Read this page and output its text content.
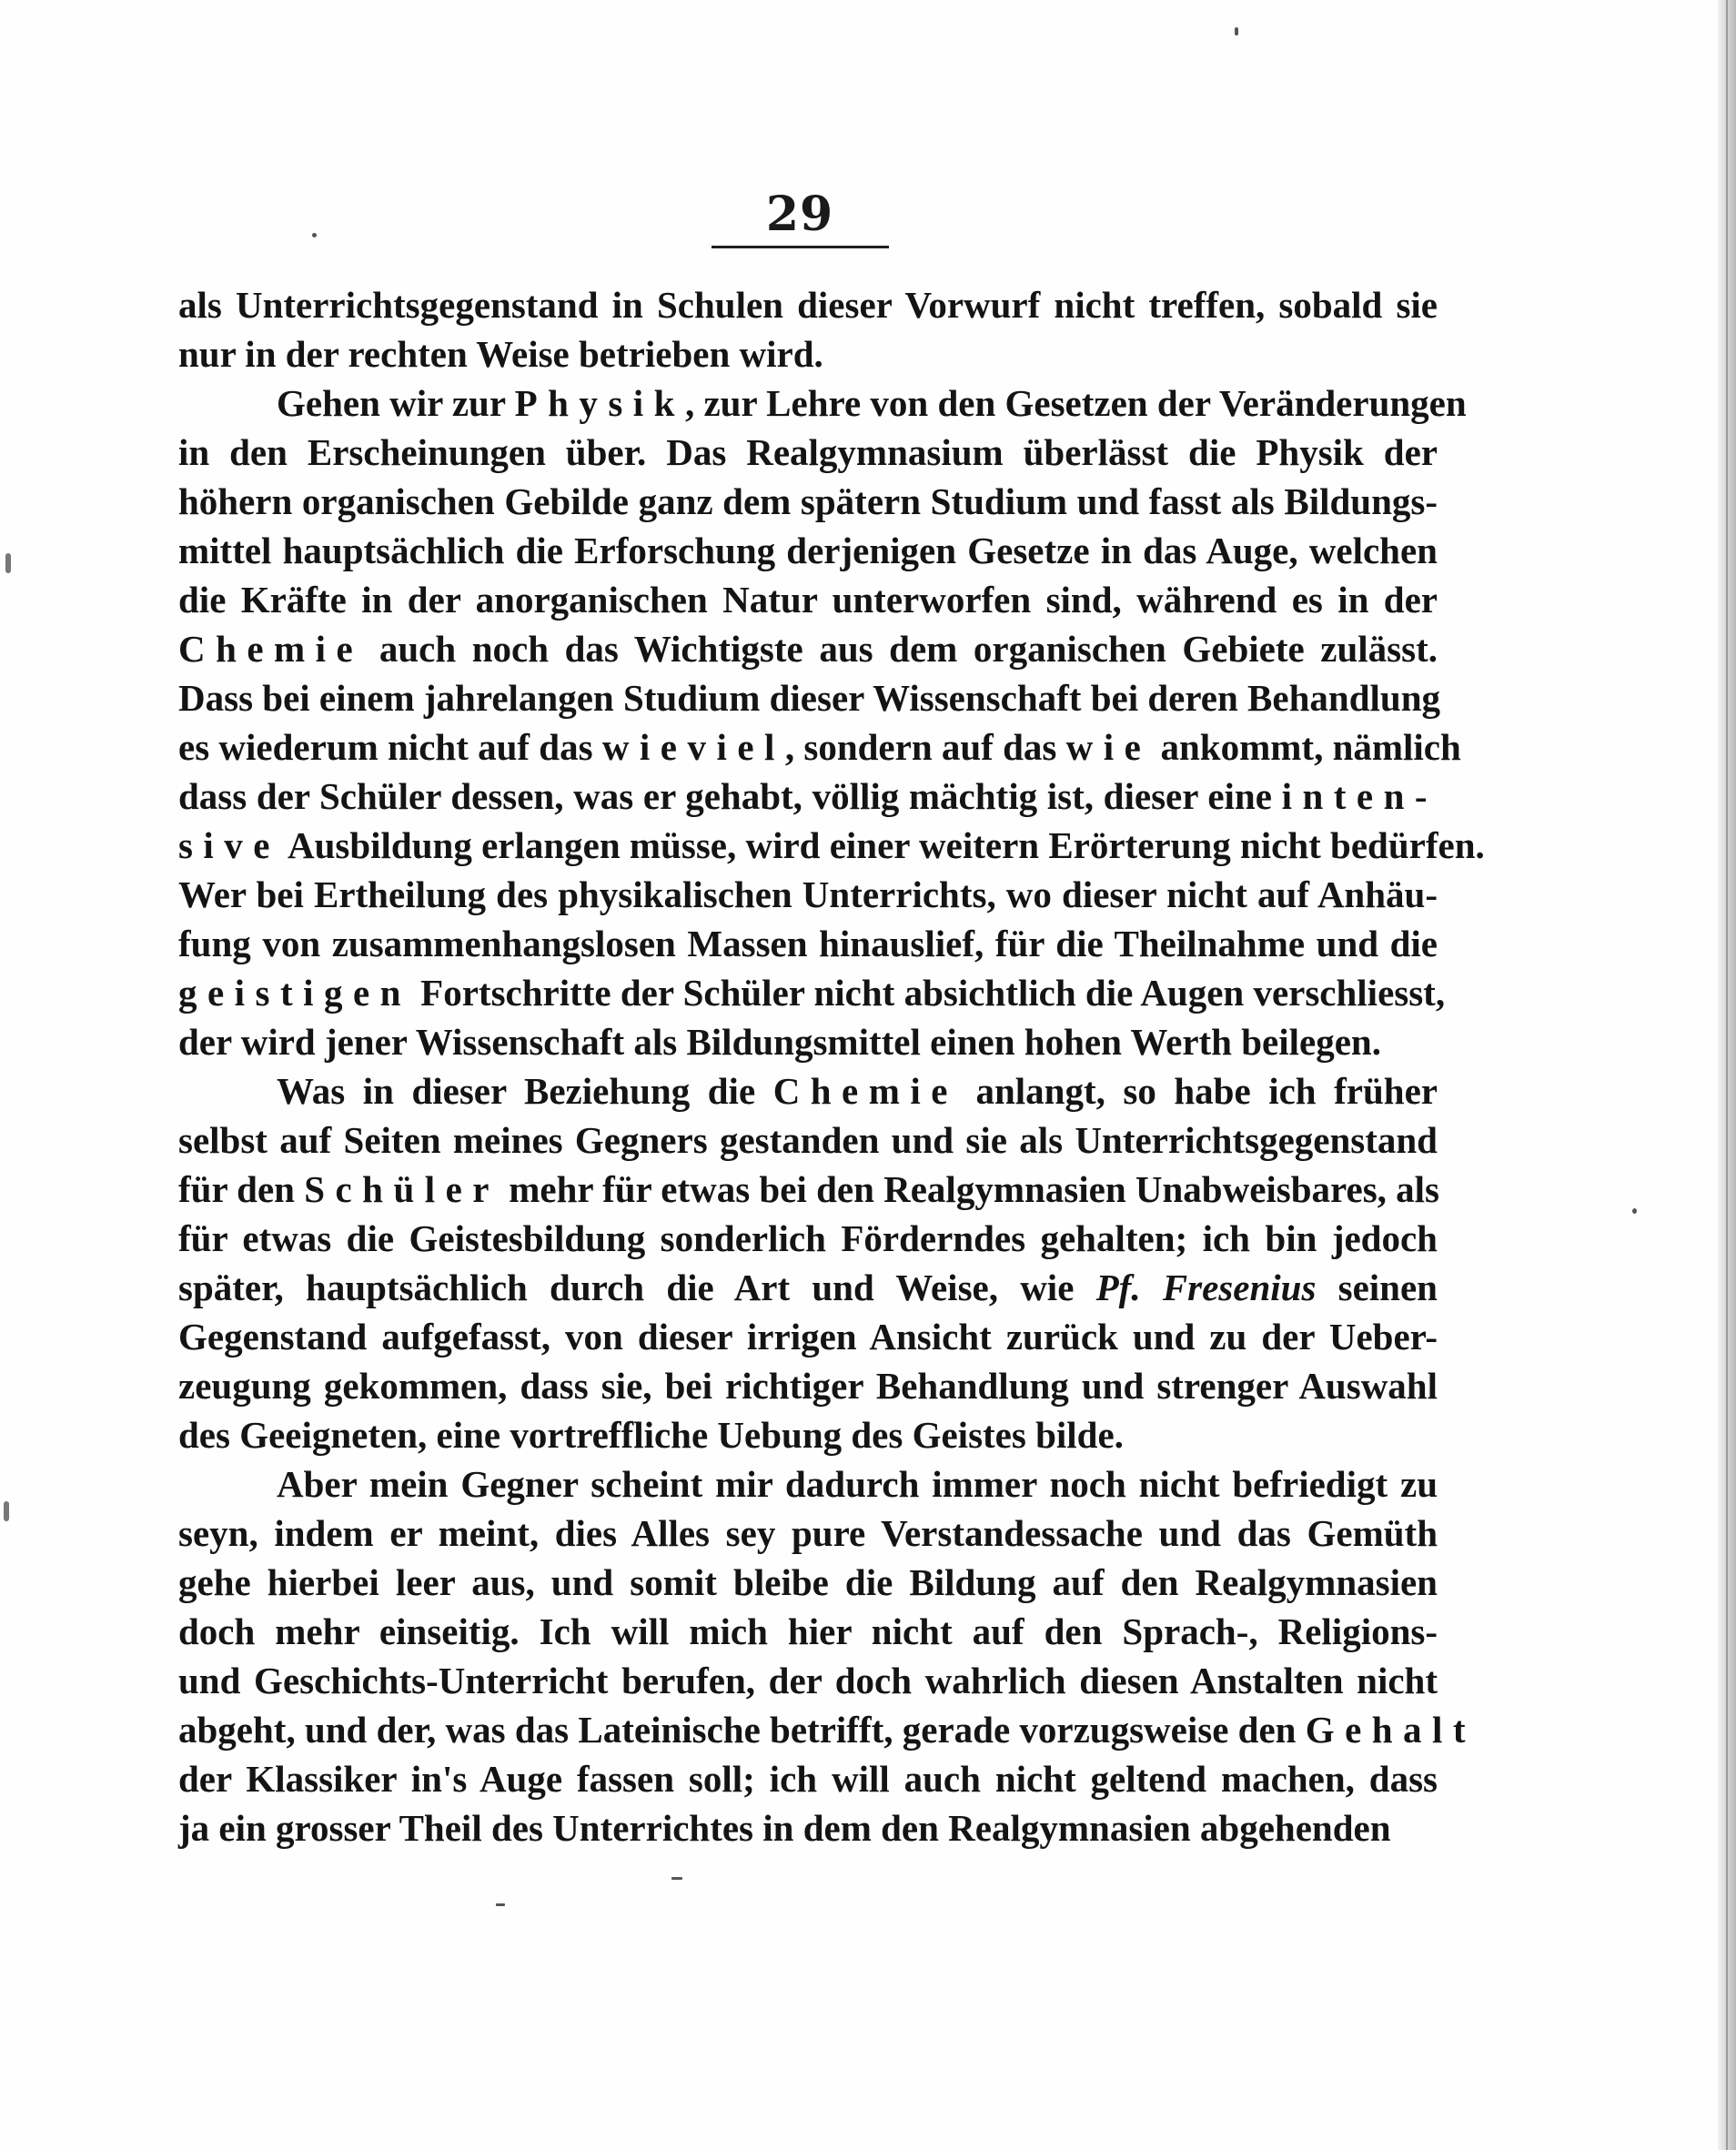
29
als Unterrichtsgegenstand in Schulen dieser Vorwurf nicht treffen, sobald sie
nur in der rechten Weise betrieben wird.
Gehen wir zur Physik, zur Lehre von den Gesetzen der Veränderungen
in den Erscheinungen über. Das Realgymnasium überlässt die Physik der
höhern organischen Gebilde ganz dem spätern Studium und fasst als Bildungs-
mittel hauptsächlich die Erforschung derjenigen Gesetze in das Auge, welchen
die Kräfte in der anorganischen Natur unterworfen sind, während es in der
Chemie auch noch das Wichtigste aus dem organischen Gebiete zulässt.
Dass bei einem jahrelangen Studium dieser Wissenschaft bei deren Behandlung
es wiederum nicht auf das wieviel, sondern auf das wie ankommt, nämlich
dass der Schüler dessen, was er gehabt, völlig mächtig ist, dieser eine inten-
sive Ausbildung erlangen müsse, wird einer weitern Erörterung nicht bedürfen.
Wer bei Ertheilung des physikalischen Unterrichts, wo dieser nicht auf Anhäu-
fung von zusammenhangslosen Massen hinauslief, für die Theilnahme und die
geistigen Fortschritte der Schüler nicht absichtlich die Augen verschliesst,
der wird jener Wissenschaft als Bildungsmittel einen hohen Werth beilegen.
Was in dieser Beziehung die Chemie anlangt, so habe ich früher
selbst auf Seiten meines Gegners gestanden und sie als Unterrichtsgegenstand
für den Schüler mehr für etwas bei den Realgymnasien Unabweisbares, als
für etwas die Geistesbildung sonderlich Förderndes gehalten; ich bin jedoch
später, hauptsächlich durch die Art und Weise, wie Pf. Fresenius seinen
Gegenstand aufgefasst, von dieser irrigen Ansicht zurück und zu der Ueber-
zeugung gekommen, dass sie, bei richtiger Behandlung und strenger Auswahl
des Geeigneten, eine vortreffliche Uebung des Geistes bilde.
Aber mein Gegner scheint mir dadurch immer noch nicht befriedigt zu
seyn, indem er meint, dies Alles sey pure Verstandessache und das Gemüth
gehe hierbei leer aus, und somit bleibe die Bildung auf den Realgymnasien
doch mehr einseitig. Ich will mich hier nicht auf den Sprach-, Religions-
und Geschichts-Unterricht berufen, der doch wahrlich diesen Anstalten nicht
abgeht, und der, was das Lateinische betrifft, gerade vorzugsweise den Gehalt
der Klassiker in's Auge fassen soll; ich will auch nicht geltend machen, dass
ja ein grosser Theil des Unterrichtes in dem den Realgymnasien abgehenden
